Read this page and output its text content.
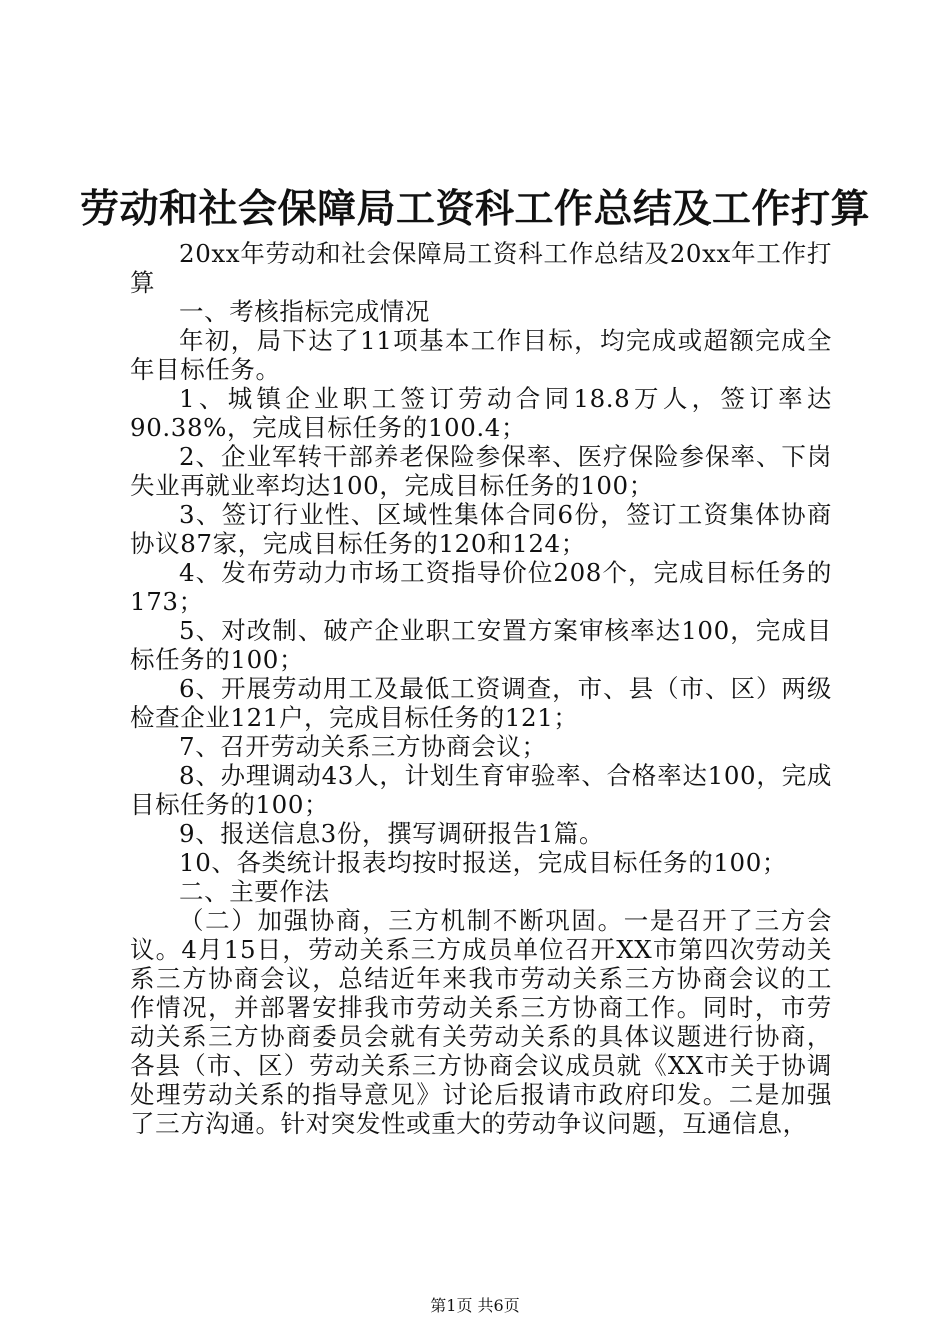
劳动和社会保障局工资科工作总结及工作打算

20xx年劳动和社会保障局工资科工作总结及20xx年工作打算

一、考核指标完成情况

年初，局下达了11项基本工作目标，均完成或超额完成全年目标任务。

1、城镇企业职工签订劳动合同18.8万人，签订率达90.38%，完成目标任务的100.4；

2、企业军转干部养老保险参保率、医疗保险参保率、下岗失业再就业率均达100，完成目标任务的100；

3、签订行业性、区域性集体合同6份，签订工资集体协商协议87家，完成目标任务的120和124；

4、发布劳动力市场工资指导价位208个，完成目标任务的173；

5、对改制、破产企业职工安置方案审核率达100，完成目标任务的100；

6、开展劳动用工及最低工资调查，市、县（市、区）两级检查企业121户，完成目标任务的121；

7、召开劳动关系三方协商会议；

8、办理调动43人，计划生育审验率、合格率达100，完成目标任务的100；

9、报送信息3份，撰写调研报告1篇。

10、各类统计报表均按时报送，完成目标任务的100；

二、主要作法

（二）加强协商，三方机制不断巩固。一是召开了三方会议。4月15日，劳动关系三方成员单位召开XX市第四次劳动关系三方协商会议，总结近年来我市劳动关系三方协商会议的工作情况，并部署安排我市劳动关系三方协商工作。同时，市劳动关系三方协商委员会就有关劳动关系的具体议题进行协商，各县（市、区）劳动关系三方协商会议成员就《XX市关于协调处理劳动关系的指导意见》讨论后报请市政府印发。二是加强了三方沟通。针对突发性或重大的劳动争议问题，互通信息，

第1页 共6页
